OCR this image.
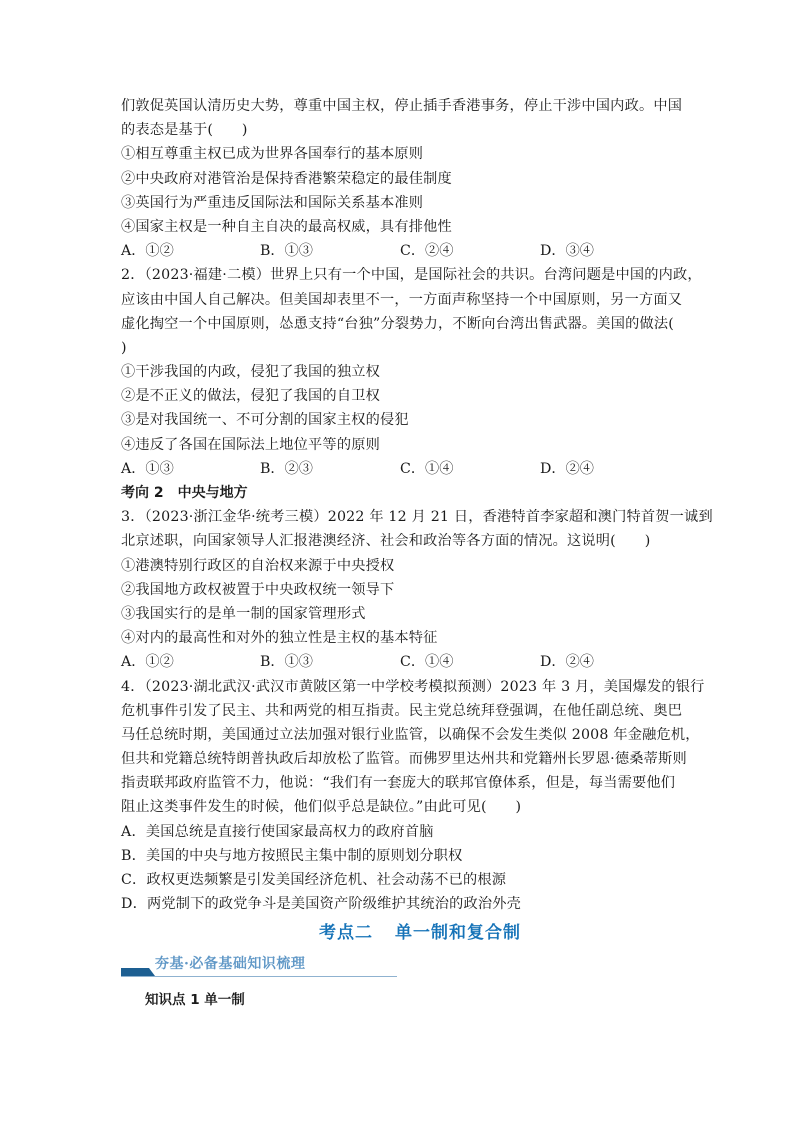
们敦促英国认清历史大势，尊重中国主权，停止插手香港事务，停止干涉中国内政。中国
的表态是基于(　　)
①相互尊重主权已成为世界各国奉行的基本原则
②中央政府对港管治是保持香港繁荣稳定的最佳制度
③英国行为严重违反国际法和国际关系基本准则
④国家主权是一种自主自决的最高权威，具有排他性
A．①②	B．①③	C．②④	D．③④
2．（2023·福建·二模）世界上只有一个中国，是国际社会的共识。台湾问题是中国的内政，
应该由中国人自己解决。但美国却表里不一，一方面声称坚持一个中国原则，另一方面又
虚化掏空一个中国原则，怂恿支持“台独”分裂势力，不断向台湾出售武器。美国的做法(
)
①干涉我国的内政，侵犯了我国的独立权
②是不正义的做法，侵犯了我国的自卫权
③是对我国统一、不可分割的国家主权的侵犯
④违反了各国在国际法上地位平等的原则
A．①③	B．②③	C．①④	D．②④
考向 2　中央与地方
3．（2023·浙江金华·统考三模）2022 年 12 月 21 日，香港特首李家超和澳门特首贺一诚到
北京述职，向国家领导人汇报港澳经济、社会和政治等各方面的情况。这说明(　　)
①港澳特别行政区的自治权来源于中央授权
②我国地方政权被置于中央政权统一领导下
③我国实行的是单一制的国家管理形式
④对内的最高性和对外的独立性是主权的基本特征
A．①②	B．①③	C．①④	D．②④
4．（2023·湖北武汉·武汉市黄陂区第一中学校考模拟预测）2023 年 3 月，美国爆发的银行
危机事件引发了民主、共和两党的相互指责。民主党总统拜登强调，在他任副总统、奥巴
马任总统时期，美国通过立法加强对银行业监管，以确保不会发生类似 2008 年金融危机，
但共和党籍总统特朗普执政后却放松了监管。而佛罗里达州共和党籍州长罗恩·德桑蒂斯则
指责联邦政府监管不力，他说：“我们有一套庞大的联邦官僚体系，但是，每当需要他们
阻止这类事件发生的时候，他们似乎总是缺位。”由此可见(　　)
A．美国总统是直接行使国家最高权力的政府首脑
B．美国的中央与地方按照民主集中制的原则划分职权
C．政权更迭频繁是引发美国经济危机、社会动荡不已的根源
D．两党制下的政党争斗是美国资产阶级维护其统治的政治外壳
考点二 单一制和复合制
夯基·必备基础知识梳理
知识点 1 单一制
